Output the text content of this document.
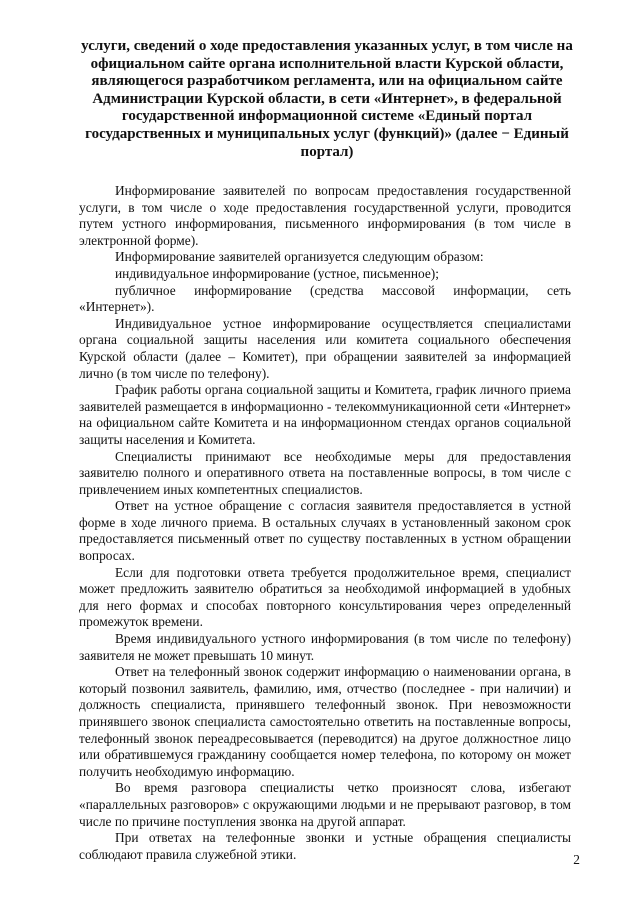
услуги, сведений о ходе предоставления указанных услуг, в том числе на официальном сайте органа исполнительной власти Курской области, являющегося разработчиком регламента, или на официальном сайте Администрации Курской области, в сети «Интернет», в федеральной государственной информационной системе «Единый портал государственных и муниципальных услуг (функций)» (далее − Единый портал)

Информирование заявителей по вопросам предоставления государственной услуги, в том числе о ходе предоставления государственной услуги, проводится путем устного информирования, письменного информирования (в том числе в электронной форме).

Информирование заявителей организуется следующим образом:

индивидуальное информирование (устное, письменное);

публичное информирование (средства массовой информации, сеть «Интернет»).

Индивидуальное устное информирование осуществляется специалистами органа социальной защиты населения или комитета социального обеспечения Курской области (далее – Комитет), при обращении заявителей за информацией лично (в том числе по телефону).

График работы органа социальной защиты и Комитета, график личного приема заявителей размещается в информационно - телекоммуникационной сети «Интернет» на официальном сайте Комитета и на информационном стендах органов социальной защиты населения и Комитета.

Специалисты принимают все необходимые меры для предоставления заявителю полного и оперативного ответа на поставленные вопросы, в том числе с привлечением иных компетентных специалистов.

Ответ на устное обращение с согласия заявителя предоставляется в устной форме в ходе личного приема. В остальных случаях в установленный законом срок предоставляется письменный ответ по существу поставленных в устном обращении вопросах.

Если для подготовки ответа требуется продолжительное время, специалист может предложить заявителю обратиться за необходимой информацией в удобных для него формах и способах повторного консультирования через определенный промежуток времени.

Время индивидуального устного информирования (в том числе по телефону) заявителя не может превышать 10 минут.

Ответ на телефонный звонок содержит информацию о наименовании органа, в который позвонил заявитель, фамилию, имя, отчество (последнее - при наличии) и должность специалиста, принявшего телефонный звонок. При невозможности принявшего звонок специалиста самостоятельно ответить на поставленные вопросы, телефонный звонок переадресовывается (переводится) на другое должностное лицо или обратившемуся гражданину сообщается номер телефона, по которому он может получить необходимую информацию.

Во время разговора специалисты четко произносят слова, избегают «параллельных разговоров» с окружающими людьми и не прерывают разговор, в том числе по причине поступления звонка на другой аппарат.

При ответах на телефонные звонки и устные обращения специалисты соблюдают правила служебной этики.	2
